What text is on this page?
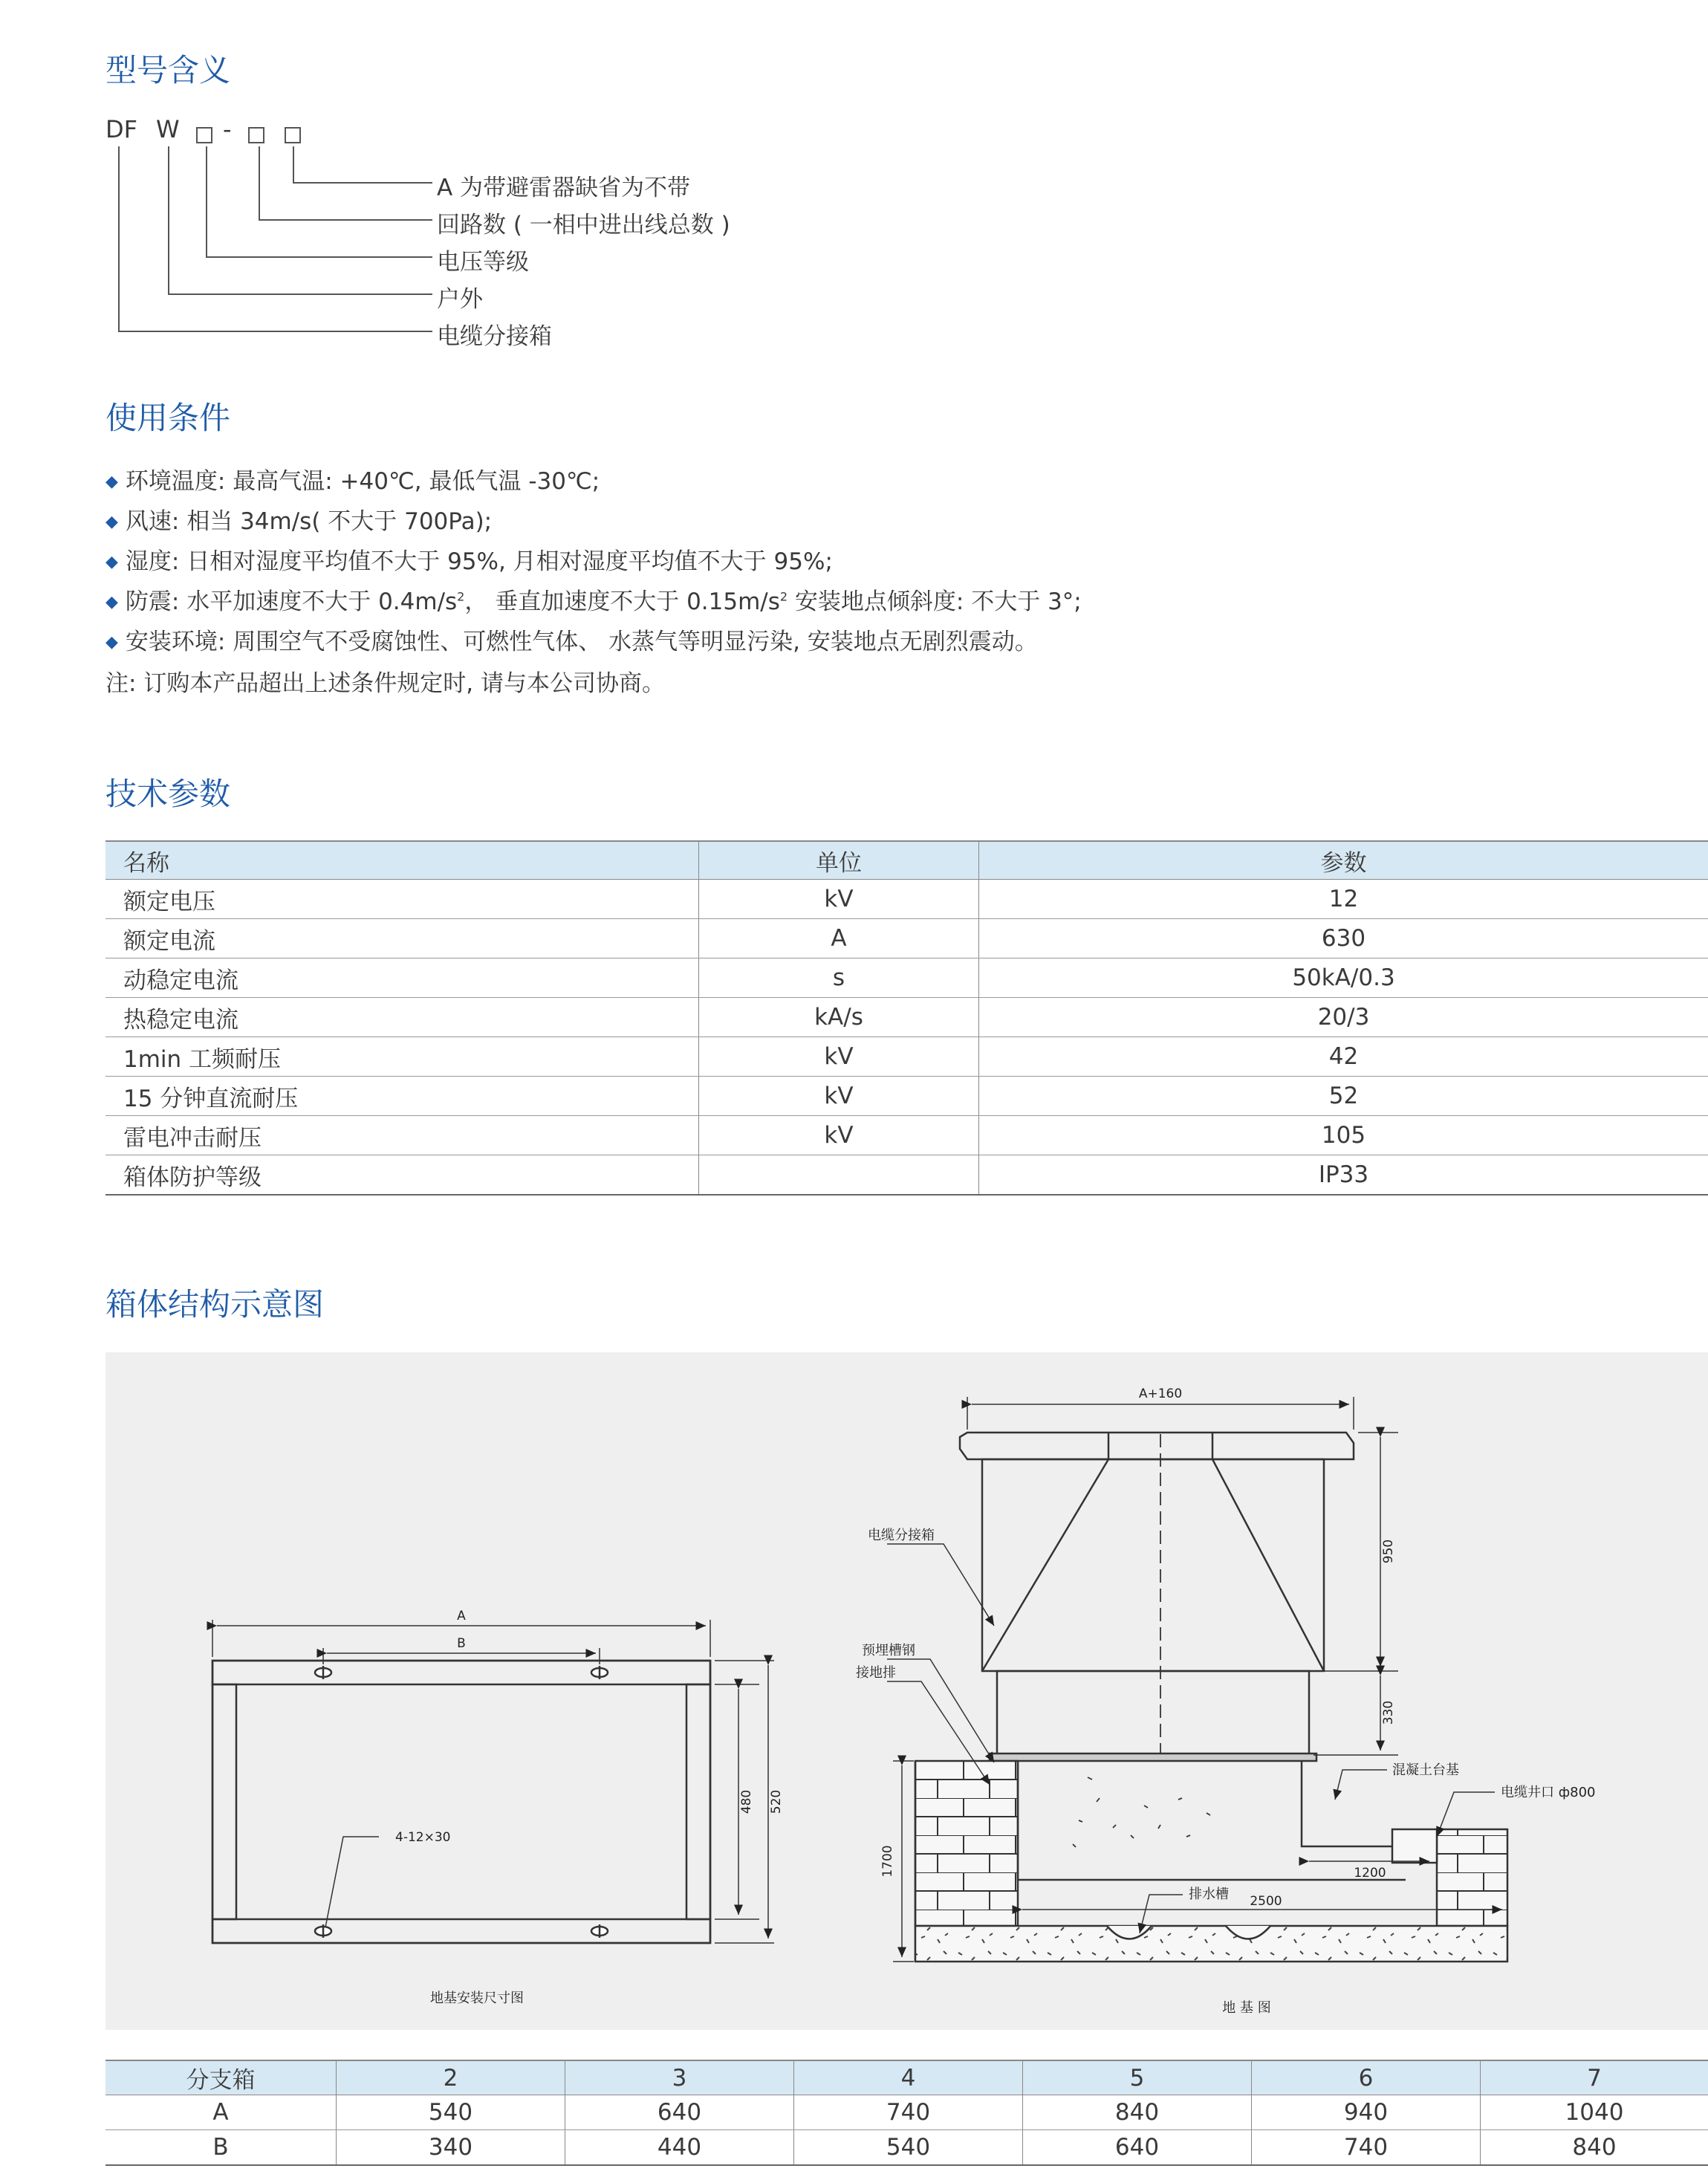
型号含义
DF W -
A 为带避雷器缺省为不带
回路数 ( 一相中进出线总数 )
电压等级
户外
电缆分接箱
使用条件
◆ 环境温度: 最高气温: +40℃, 最低气温 -30℃;
◆ 风速: 相当 34m/s( 不大于 700Pa);
◆ 湿度: 日相对湿度平均值不大于 95%, 月相对湿度平均值不大于 95%;
◆ 防震: 水平加速度不大于 $0.4m/s^2$， 垂直加速度不大于 $0.15m/s^2$ 安装地点倾斜度: 不大于 3°;
◆ 安装环境: 周围空气不受腐蚀性、可燃性气体、 水蒸气等明显污染, 安装地点无剧烈震动。
注: 订购本产品超出上述条件规定时, 请与本公司协商。
技术参数
名称	单位	参数
额定电压	kV	12
额定电流	A	630
动稳定电流	s	50kA/0.3
热稳定电流	kA/s	20/3
1min 工频耐压	kV	42
15 分钟直流耐压	kV	52
雷电冲击耐压	kV	105
箱体防护等级		IP33
箱体结构示意图
A
B
480 520
4-12×30
地基安装尺寸图
A+160
950
330
1700	1200
2500
电缆分接箱
预埋槽钢
接地排
混凝土台基
电缆井口 ф800
排水槽
地 基 图
分支箱	2	3	4	5	6	7
A	540	640	740	840	940	1040
B	340	440	540	640	740	840
